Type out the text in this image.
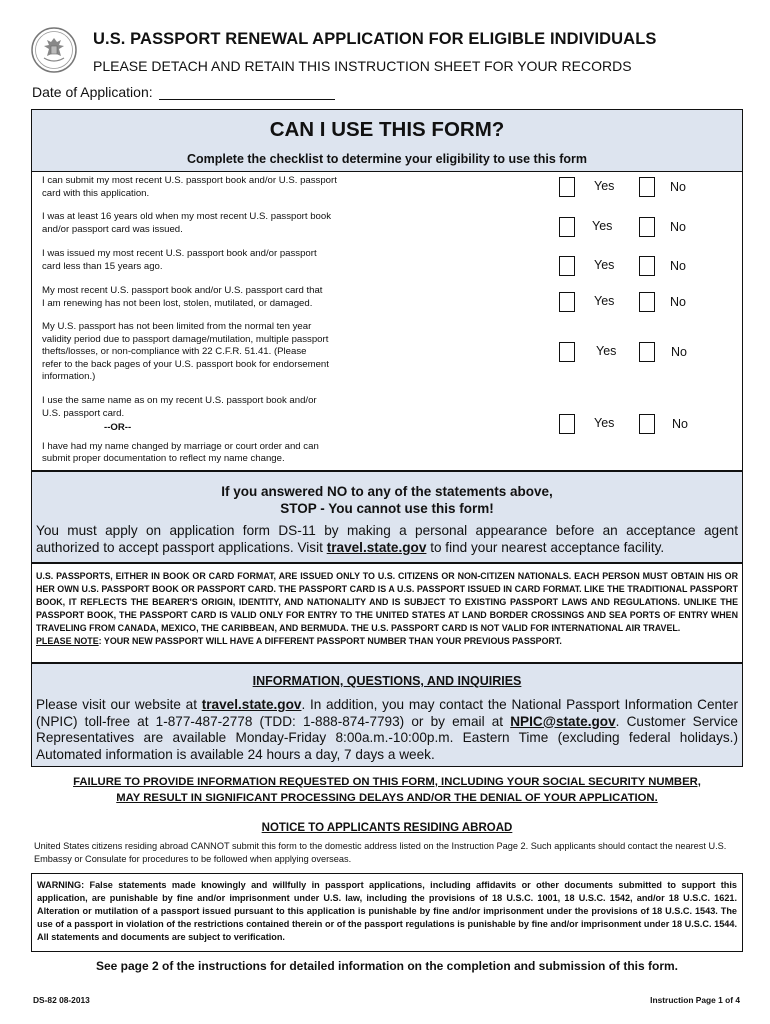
U.S. PASSPORT RENEWAL APPLICATION FOR ELIGIBLE INDIVIDUALS
PLEASE DETACH AND RETAIN THIS INSTRUCTION SHEET FOR YOUR RECORDS
Date of Application:
CAN I USE THIS FORM?
Complete the checklist to determine your eligibility to use this form
I can submit my most recent U.S. passport book and/or U.S. passport
card with this application.	Yes	No
I was at least 16 years old when my most recent U.S. passport book
and/or passport card was issued.	Yes	No
I was issued my most recent U.S. passport book and/or passport
card less than 15 years ago.	Yes	No
My most recent U.S. passport book and/or U.S. passport card that
I am renewing has not been lost, stolen, mutilated, or damaged.	Yes	No
My U.S. passport has not been limited from the normal ten year
validity period due to passport damage/mutilation, multiple passport
thefts/losses, or non-compliance with 22 C.F.R. 51.41. (Please
refer to the back pages of your U.S. passport book for endorsement
information.)
Yes	No
I use the same name as on my recent U.S. passport book and/or
U.S. passport card.
--OR--
I have had my name changed by marriage or court order and can
submit proper documentation to reflect my name change.
Yes	No
If you answered NO to any of the statements above,
STOP - You cannot use this form!
You must apply on application form DS-11 by making a personal appearance before an acceptance agent
authorized to accept passport applications. Visit travel.state.gov to find your nearest acceptance facility.
U.S. PASSPORTS, EITHER IN BOOK OR CARD FORMAT, ARE ISSUED ONLY TO U.S. CITIZENS OR NON-CITIZEN NATIONALS. EACH PERSON MUST OBTAIN HIS OR HER OWN U.S. PASSPORT BOOK OR PASSPORT CARD. THE PASSPORT CARD IS A U.S. PASSPORT ISSUED IN CARD FORMAT. LIKE THE TRADITIONAL PASSPORT BOOK, IT REFLECTS THE BEARER'S ORIGIN, IDENTITY, AND NATIONALITY AND IS SUBJECT TO EXISTING PASSPORT LAWS AND REGULATIONS. UNLIKE THE PASSPORT BOOK, THE PASSPORT CARD IS VALID ONLY FOR ENTRY TO THE UNITED STATES AT LAND BORDER CROSSINGS AND SEA PORTS OF ENTRY WHEN TRAVELING FROM CANADA, MEXICO, THE CARIBBEAN, AND BERMUDA. THE U.S. PASSPORT CARD IS NOT VALID FOR INTERNATIONAL AIR TRAVEL.
PLEASE NOTE: YOUR NEW PASSPORT WILL HAVE A DIFFERENT PASSPORT NUMBER THAN YOUR PREVIOUS PASSPORT.
INFORMATION, QUESTIONS, AND INQUIRIES
Please visit our website at travel.state.gov. In addition, you may contact the National Passport Information Center (NPIC) toll-free at 1-877-487-2778 (TDD: 1-888-874-7793) or by email at NPIC@state.gov. Customer Service Representatives are available Monday-Friday 8:00a.m.-10:00p.m. Eastern Time (excluding federal holidays.) Automated information is available 24 hours a day, 7 days a week.
FAILURE TO PROVIDE INFORMATION REQUESTED ON THIS FORM, INCLUDING YOUR SOCIAL SECURITY NUMBER,
MAY RESULT IN SIGNIFICANT PROCESSING DELAYS AND/OR THE DENIAL OF YOUR APPLICATION.
NOTICE TO APPLICANTS RESIDING ABROAD
United States citizens residing abroad CANNOT submit this form to the domestic address listed on the Instruction Page 2. Such applicants should contact the nearest U.S. Embassy or Consulate for procedures to be followed when applying overseas.
WARNING: False statements made knowingly and willfully in passport applications, including affidavits or other documents submitted to support this application, are punishable by fine and/or imprisonment under U.S. law, including the provisions of 18 U.S.C. 1001, 18 U.S.C. 1542, and/or 18 U.S.C. 1621. Alteration or mutilation of a passport issued pursuant to this application is punishable by fine and/or imprisonment under the provisions of 18 U.S.C. 1543. The use of a passport in violation of the restrictions contained therein or of the passport regulations is punishable by fine and/or imprisonment under 18 U.S.C. 1544. All statements and documents are subject to verification.
See page 2 of the instructions for detailed information on the completion and submission of this form.
DS-82 08-2013	Instruction Page 1 of 4
